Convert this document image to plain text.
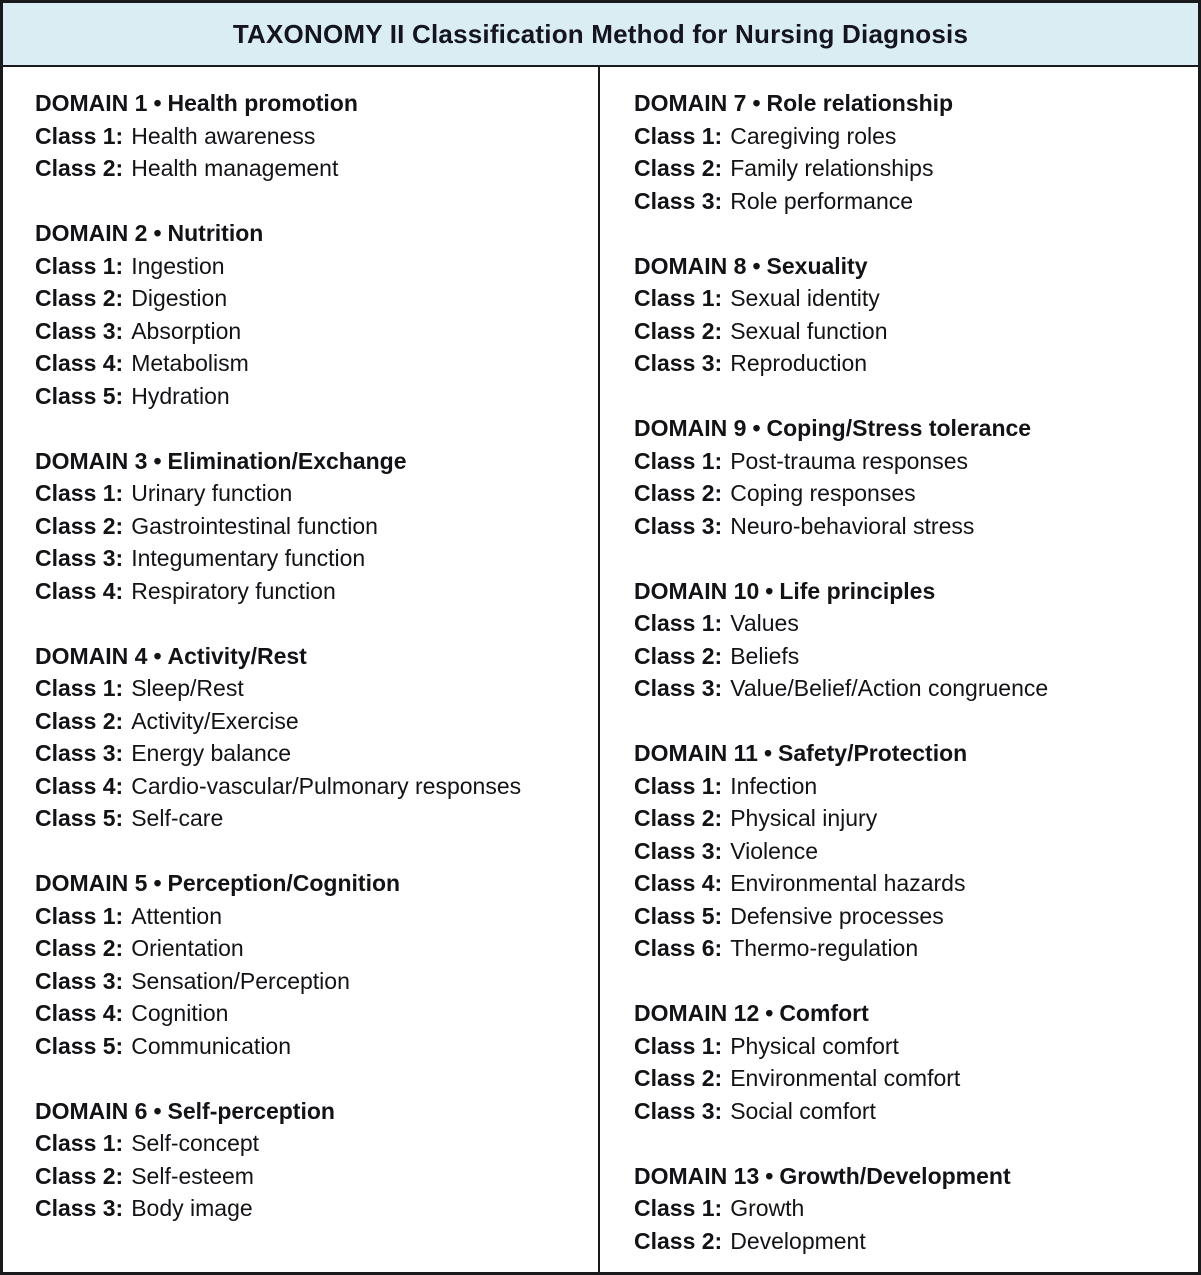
TAXONOMY II Classification Method for Nursing Diagnosis
DOMAIN 1 • Health promotion
Class 1: Health awareness
Class 2: Health management
DOMAIN 2 • Nutrition
Class 1: Ingestion
Class 2: Digestion
Class 3: Absorption
Class 4: Metabolism
Class 5: Hydration
DOMAIN 3 • Elimination/Exchange
Class 1: Urinary function
Class 2: Gastrointestinal function
Class 3: Integumentary function
Class 4: Respiratory function
DOMAIN 4 • Activity/Rest
Class 1: Sleep/Rest
Class 2: Activity/Exercise
Class 3: Energy balance
Class 4: Cardio-vascular/Pulmonary responses
Class 5: Self-care
DOMAIN 5 • Perception/Cognition
Class 1: Attention
Class 2: Orientation
Class 3: Sensation/Perception
Class 4: Cognition
Class 5: Communication
DOMAIN 6 • Self-perception
Class 1: Self-concept
Class 2: Self-esteem
Class 3: Body image
DOMAIN 7 • Role relationship
Class 1: Caregiving roles
Class 2: Family relationships
Class 3: Role performance
DOMAIN 8 • Sexuality
Class 1: Sexual identity
Class 2: Sexual function
Class 3: Reproduction
DOMAIN 9 • Coping/Stress tolerance
Class 1: Post-trauma responses
Class 2: Coping responses
Class 3: Neuro-behavioral stress
DOMAIN 10 • Life principles
Class 1: Values
Class 2: Beliefs
Class 3: Value/Belief/Action congruence
DOMAIN 11 • Safety/Protection
Class 1: Infection
Class 2: Physical injury
Class 3: Violence
Class 4: Environmental hazards
Class 5: Defensive processes
Class 6: Thermo-regulation
DOMAIN 12 • Comfort
Class 1: Physical comfort
Class 2: Environmental comfort
Class 3: Social comfort
DOMAIN 13 • Growth/Development
Class 1: Growth
Class 2: Development
